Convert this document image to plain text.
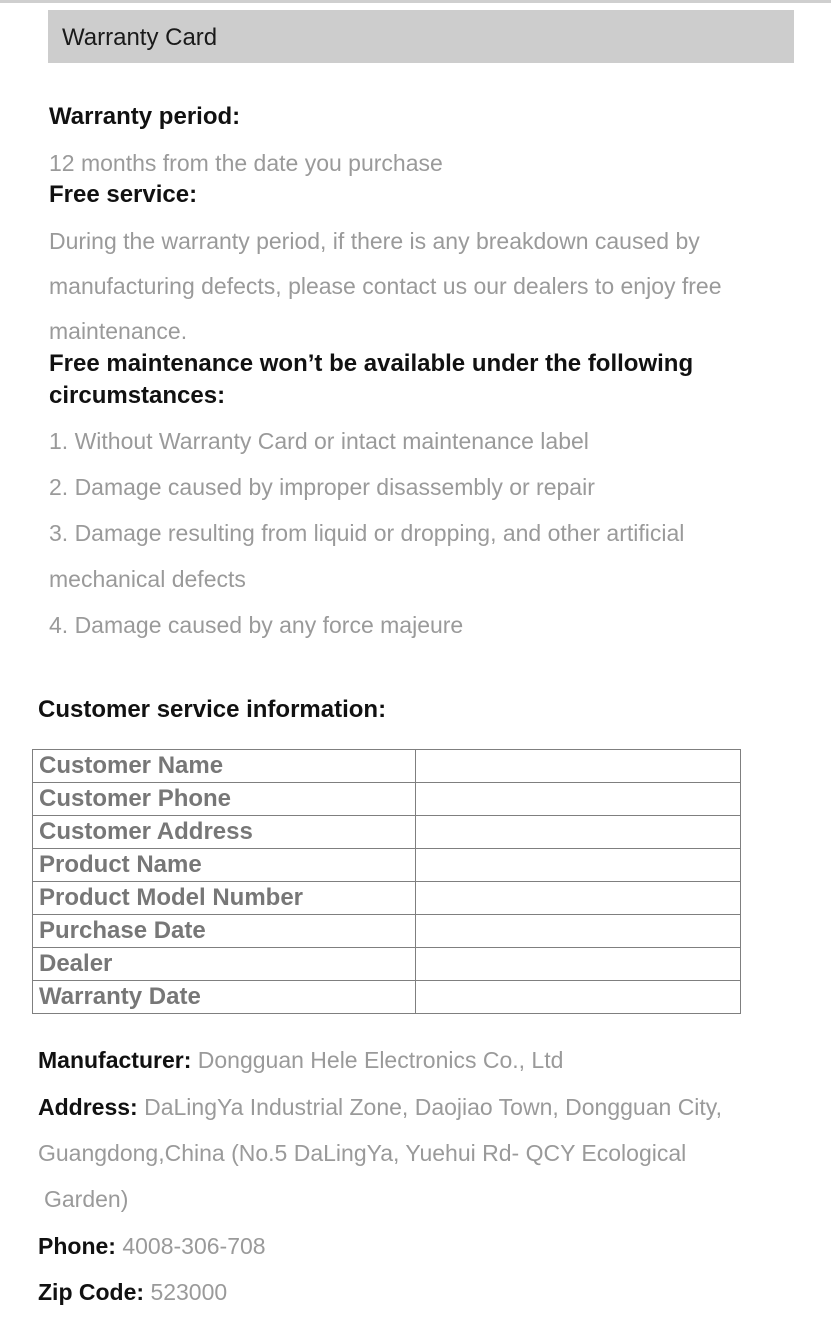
Warranty Card

Warranty period:

12 months from the date you purchase

Free service:

During the warranty period, if there is any breakdown caused by

manufacturing defects, please contact us our dealers to enjoy free

maintenance.

Free maintenance won’t be available under the following

circumstances:

1. Without Warranty Card or intact maintenance label

2. Damage caused by improper disassembly or repair

3. Damage resulting from liquid or dropping, and other artificial

mechanical defects

4. Damage caused by any force majeure

Customer service information:

Customer Name	
Customer Phone	
Customer Address	
Product Name	
Product Model Number	
Purchase Date	
Dealer	
Warranty Date	

Manufacturer: Dongguan Hele Electronics Co., Ltd

Address: DaLingYa Industrial Zone, Daojiao Town, Dongguan City,

Guangdong,China (No.5 DaLingYa, Yuehui Rd- QCY Ecological

Garden)

Phone: 4008-306-708

Zip Code: 523000
